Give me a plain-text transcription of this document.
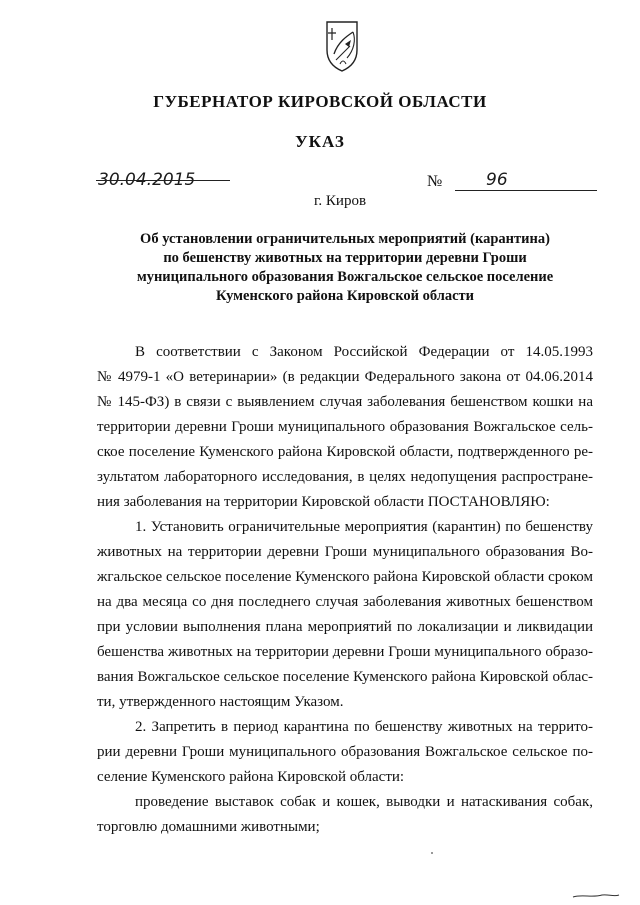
ГУБЕРНАТОР КИРОВСКОЙ ОБЛАСТИ
УКАЗ
30.04.2015	№	96
г. Киров
Об установлении ограничительных мероприятий (карантина)
по бешенству животных на территории деревни Гроши
муниципального образования Вожгальское сельское поселение
Куменского района Кировской области
В соответствии с Законом Российской Федерации от 14.05.1993
№ 4979-1 «О ветеринарии» (в редакции Федерального закона от 04.06.2014
№ 145-ФЗ) в связи с выявлением случая заболевания бешенством кошки на
территории деревни Гроши муниципального образования Вожгальское сель-
ское поселение Куменского района Кировской области, подтвержденного ре-
зультатом лабораторного исследования, в целях недопущения распростране-
ния заболевания на территории Кировской области ПОСТАНОВЛЯЮ:
1. Установить ограничительные мероприятия (карантин) по бешенству
животных на территории деревни Гроши муниципального образования Во-
жгальское сельское поселение Куменского района Кировской области сроком
на два месяца со дня последнего случая заболевания животных бешенством
при условии выполнения плана мероприятий по локализации и ликвидации
бешенства животных на территории деревни Гроши муниципального образо-
вания Вожгальское сельское поселение Куменского района Кировской облас-
ти, утвержденного настоящим Указом.
2. Запретить в период карантина по бешенству животных на террито-
рии деревни Гроши муниципального образования Вожгальское сельское по-
селение Куменского района Кировской области:
проведение выставок собак и кошек, выводки и натаскивания собак,
торговлю домашними животными;
